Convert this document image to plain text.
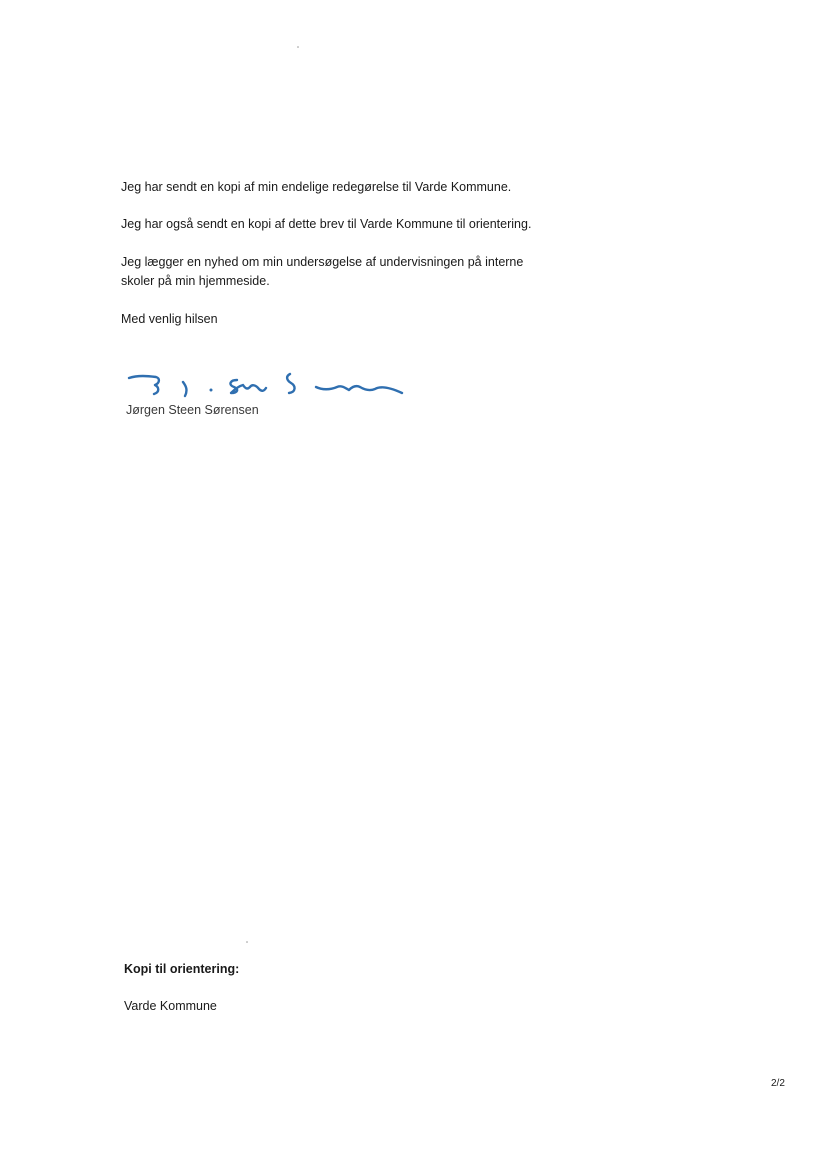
Jeg har sendt en kopi af min endelige redegørelse til Varde Kommune.

Jeg har også sendt en kopi af dette brev til Varde Kommune til orientering.

Jeg lægger en nyhed om min undersøgelse af undervisningen på interne
skoler på min hjemmeside.

Med venlig hilsen

Jørgen Steen Sørensen
Kopi til orientering:
Varde Kommune
2/2
